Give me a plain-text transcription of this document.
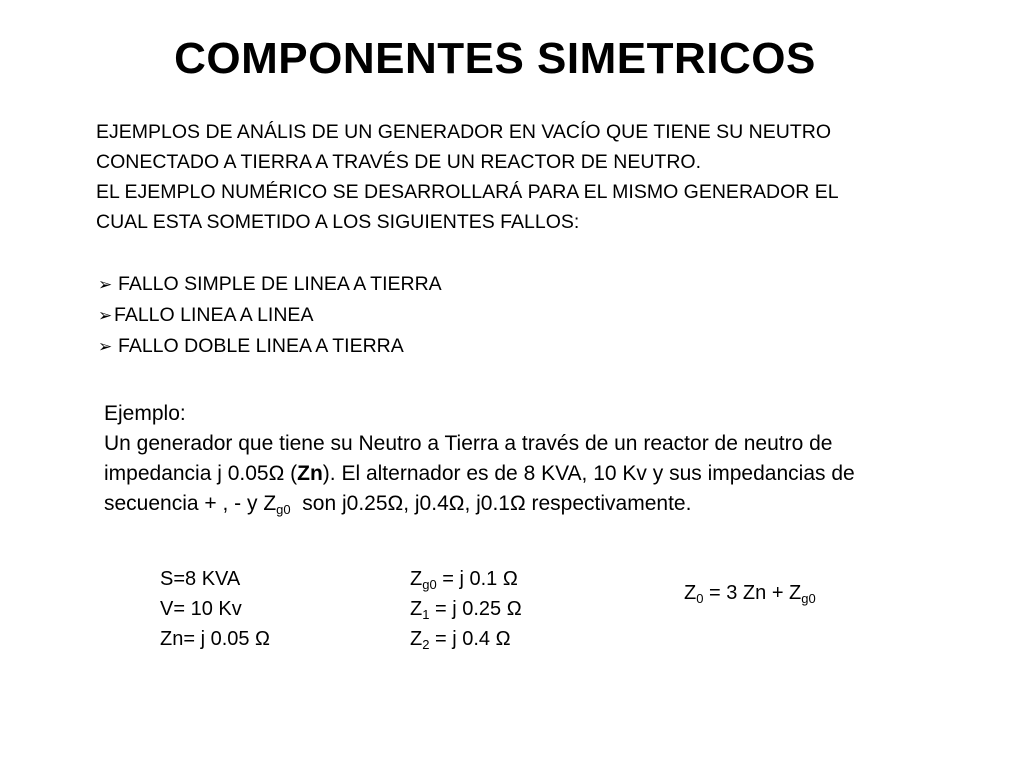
COMPONENTES SIMETRICOS
EJEMPLOS DE ANÁLIS DE UN GENERADOR EN VACÍO QUE TIENE SU NEUTRO
CONECTADO A TIERRA A TRAVÉS DE UN REACTOR DE NEUTRO.
EL EJEMPLO NUMÉRICO SE DESARROLLARÁ PARA EL MISMO GENERADOR EL
CUAL ESTA SOMETIDO A LOS SIGUIENTES FALLOS:
➢ FALLO SIMPLE DE LINEA A TIERRA
➢FALLO LINEA A LINEA
➢ FALLO DOBLE LINEA A TIERRA
Ejemplo:
Un generador que tiene su Neutro a Tierra a través de un reactor de neutro de
impedancia j 0.05Ω (Zn). El alternador es de 8 KVA, 10 Kv y sus impedancias de
secuencia + , - y $Z_{g0}$  son j0.25Ω, j0.4Ω, j0.1Ω respectivamente.
S=8 KVA
V= 10 Kv
Zn= j 0.05 Ω
$Z_{g0} = j$ 0.1 Ω
$Z_1 = j$ 0.25 Ω
$Z_2 = j$ 0.4 Ω
$Z_0 = 3$ $Zn + Z_{g0}$
